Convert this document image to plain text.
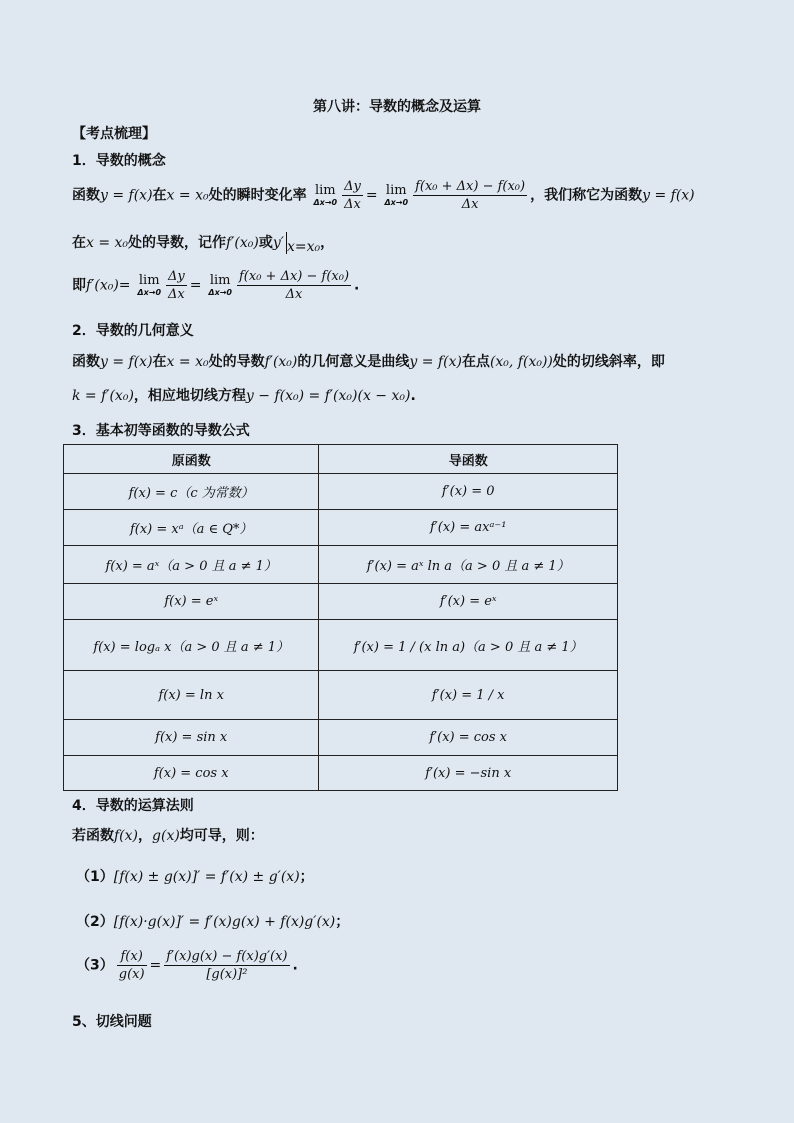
第八讲：导数的概念及运算
【考点梳理】
1．导数的概念
函数y = f(x)在x = x₀处的瞬时变化率 lim
$\Delta x\to 0 \frac{\Delta y}{\Delta x} = \lim$
$\Delta x\to 0 \frac{\text{f(x₀ + Δx) − f(x₀)}}{\Delta x}$ ，我们称它为函数y = f(x)
在x = x₀处的导数，记作f′(x₀)或y′ $_{x=x_0}$，
即f′(x₀)= lim
$\Delta x\to 0 \frac{\Delta y}{\Delta x} = \lim$
$\Delta x\to 0 \frac{\text{f(x₀ + Δx) − f(x₀)}}{\Delta x}$ .
2．导数的几何意义
函数y = f(x)在x = x₀处的导数f′(x₀)的几何意义是曲线y = f(x)在点(x₀, f(x₀))处的切线斜率，即
k = f′(x₀)，相应地切线方程y − f(x₀) = f′(x₀)(x − x₀).
3．基本初等函数的导数公式
原函数	导函数
f(x) = c（c 为常数）	f′(x) = 0
f(x) = xᵃ（a ∈ Q*）	f′(x) = axᵃ⁻¹
f(x) = aˣ（a > 0 且 a ≠ 1）	f′(x) = aˣ ln a（a > 0 且 a ≠ 1）
f(x) = eˣ	f′(x) = eˣ
f(x) = logₐ x（a > 0 且 a ≠ 1）	f′(x) = 1 / (x ln a)（a > 0 且 a ≠ 1）
f(x) = ln x	f′(x) = 1 / x
f(x) = sin x	f′(x) = cos x
f(x) = cos x	f′(x) = −sin x
4．导数的运算法则
若函数f(x)，g(x)均可导，则：
（1）[f(x) ± g(x)]′ = f′(x) ± g′(x)；
（2）[f(x)·g(x)]′ = f′(x)g(x) + f(x)g′(x)；
$(3) \frac{f(x)}{g(x)} = \frac{f'(x)g(x) - f(x)g'(x)}{\text{[g(x)]²}}$ .
5、切线问题
